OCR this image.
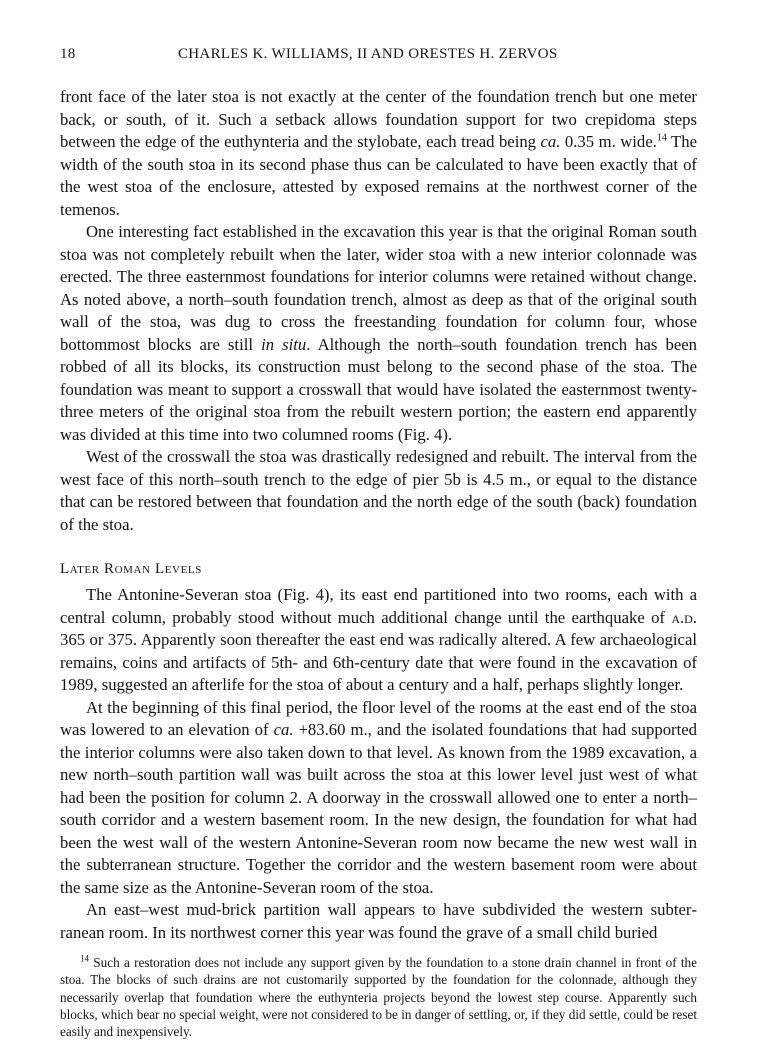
18	CHARLES K. WILLIAMS, II AND ORESTES H. ZERVOS

front face of the later stoa is not exactly at the center of the foundation trench but one meter back, or south, of it. Such a setback allows foundation support for two crepidoma steps between the edge of the euthynteria and the stylobate, each tread being ca. 0.35 m. wide.$^{14}$ The width of the south stoa in its second phase thus can be calculated to have been exactly that of the west stoa of the enclosure, attested by exposed remains at the northwest corner of the temenos.

One interesting fact established in the excavation this year is that the original Roman south stoa was not completely rebuilt when the later, wider stoa with a new interior colonnade was erected. The three easternmost foundations for interior columns were retained without change. As noted above, a north–south foundation trench, almost as deep as that of the original south wall of the stoa, was dug to cross the freestanding foundation for column four, whose bottommost blocks are still in situ. Although the north–south foundation trench has been robbed of all its blocks, its construction must belong to the second phase of the stoa. The foundation was meant to support a crosswall that would have isolated the easternmost twenty-three meters of the original stoa from the rebuilt western portion; the eastern end apparently was divided at this time into two columned rooms (Fig. 4).

West of the crosswall the stoa was drastically redesigned and rebuilt. The interval from the west face of this north–south trench to the edge of pier 5b is 4.5 m., or equal to the distance that can be restored between that foundation and the north edge of the south (back) foundation of the stoa.

Later Roman Levels

The Antonine-Severan stoa (Fig. 4), its east end partitioned into two rooms, each with a central column, probably stood without much additional change until the earthquake of a.d. 365 or 375. Apparently soon thereafter the east end was radically altered. A few archaeological remains, coins and artifacts of 5th- and 6th-century date that were found in the excavation of 1989, suggested an afterlife for the stoa of about a century and a half, perhaps slightly longer.

At the beginning of this final period, the floor level of the rooms at the east end of the stoa was lowered to an elevation of ca. +83.60 m., and the isolated foundations that had supported the interior columns were also taken down to that level. As known from the 1989 excavation, a new north–south partition wall was built across the stoa at this lower level just west of what had been the position for column 2. A doorway in the crosswall allowed one to enter a north–south corridor and a western basement room. In the new design, the foundation for what had been the west wall of the western Antonine-Severan room now became the new west wall in the subterranean structure. Together the corridor and the western basement room were about the same size as the Antonine-Severan room of the stoa.

An east–west mud-brick partition wall appears to have subdivided the western subterranean room. In its northwest corner this year was found the grave of a small child buried

$^{14}$ Such a restoration does not include any support given by the foundation to a stone drain channel in front of the stoa. The blocks of such drains are not customarily supported by the foundation for the colonnade, although they necessarily overlap that foundation where the euthynteria projects beyond the lowest step course. Apparently such blocks, which bear no special weight, were not considered to be in danger of settling, or, if they did settle, could be reset easily and inexpensively.
